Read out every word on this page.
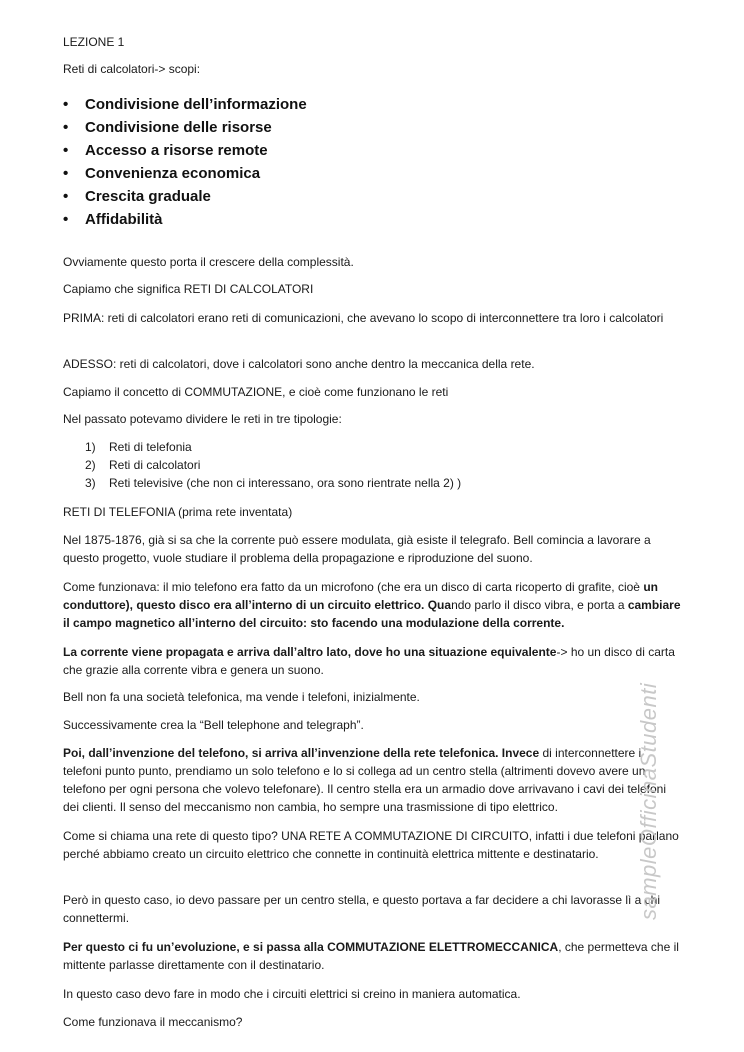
LEZIONE 1

Reti di calcolatori-> scopi:

• Condivisione dell’informazione
• Condivisione delle risorse
• Accesso a risorse remote
• Convenienza economica
• Crescita graduale
• Affidabilità

Ovviamente questo porta il crescere della complessità.

Capiamo che significa RETI DI CALCOLATORI

PRIMA: reti di calcolatori erano reti di comunicazioni, che avevano lo scopo di interconnettere tra loro i calcolatori

ADESSO: reti di calcolatori, dove i calcolatori sono anche dentro la meccanica della rete.

Capiamo il concetto di COMMUTAZIONE, e cioè come funzionano le reti

Nel passato potevamo dividere le reti in tre tipologie:

1) Reti di telefonia
2) Reti di calcolatori
3) Reti televisive (che non ci interessano, ora sono rientrate nella 2) )

RETI DI TELEFONIA (prima rete inventata)

Nel 1875-1876, già si sa che la corrente può essere modulata, già esiste il telegrafo. Bell comincia a lavorare a questo progetto, vuole studiare il problema della propagazione e riproduzione del suono.

Come funzionava: il mio telefono era fatto da un microfono (che era un disco di carta ricoperto di grafite, cioè un conduttore), questo disco era all’interno di un circuito elettrico. Quando parlo il disco vibra, e porta a cambiare il campo magnetico all’interno del circuito: sto facendo una modulazione della corrente.

La corrente viene propagata e arriva dall’altro lato, dove ho una situazione equivalente-> ho un disco di carta che grazie alla corrente vibra e genera un suono.

Bell non fa una società telefonica, ma vende i telefoni, inizialmente.

Successivamente crea la “Bell telephone and telegraph”.

Poi, dall’invenzione del telefono, si arriva all’invenzione della rete telefonica. Invece di interconnettere i telefoni punto punto, prendiamo un solo telefono e lo si collega ad un centro stella (altrimenti dovevo avere un telefono per ogni persona che volevo telefonare). Il centro stella era un armadio dove arrivavano i cavi dei telefoni dei clienti. Il senso del meccanismo non cambia, ho sempre una trasmissione di tipo elettrico.

Come si chiama una rete di questo tipo? UNA RETE A COMMUTAZIONE DI CIRCUITO, infatti i due telefoni parlano perché abbiamo creato un circuito elettrico che connette in continuità elettrica mittente e destinatario.

Però in questo caso, io devo passare per un centro stella, e questo portava a far decidere a chi lavorasse lì a chi connettermi.

Per questo ci fu un’evoluzione, e si passa alla COMMUTAZIONE ELETTROMECCANICA, che permetteva che il mittente parlasse direttamente con il destinatario.

In questo caso devo fare in modo che i circuiti elettrici si creino in maniera automatica.

Come funzionava il meccanismo?

sampleOfficinaStudenti
